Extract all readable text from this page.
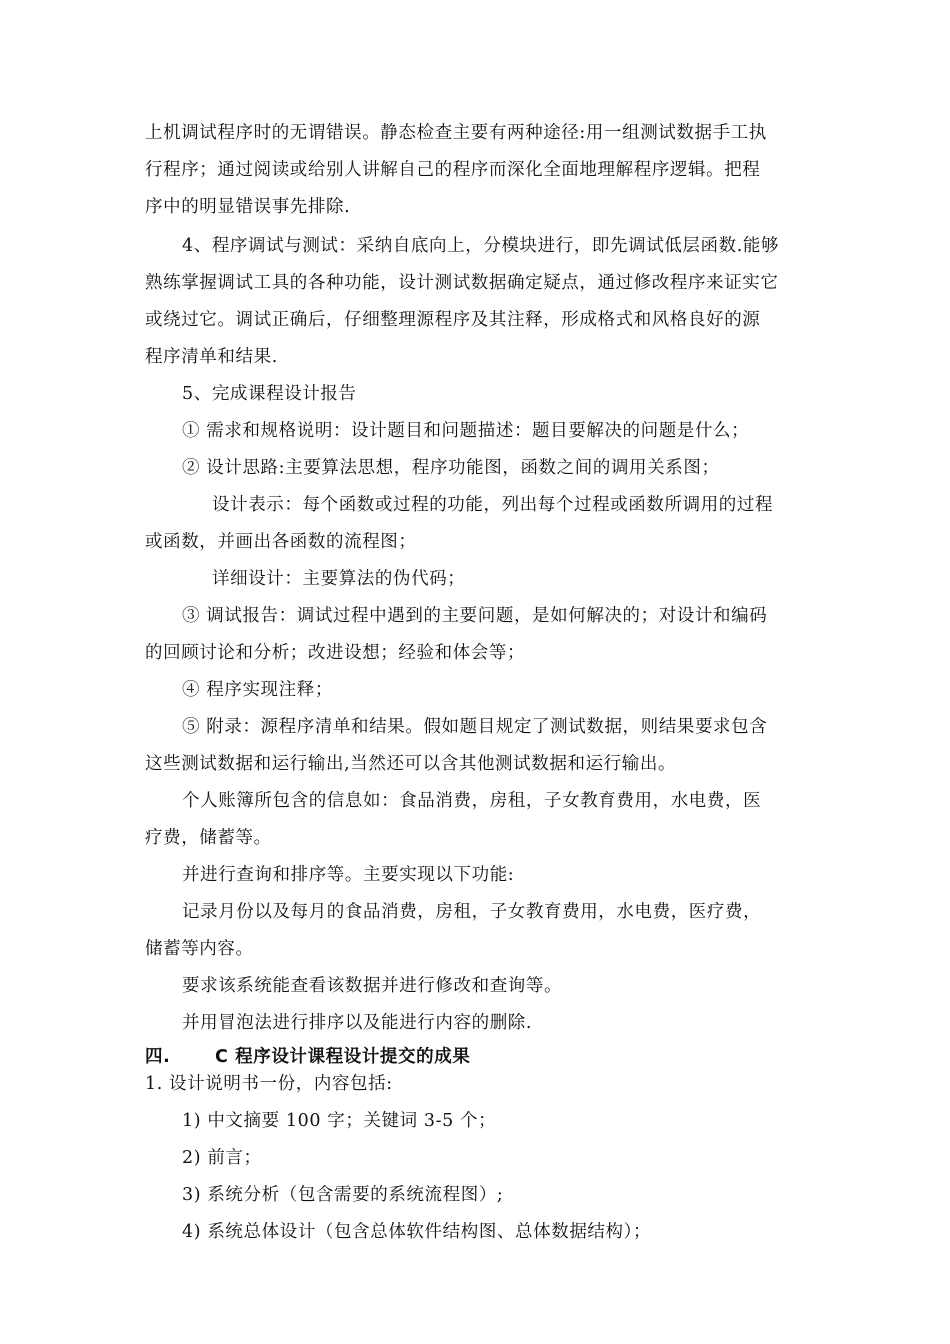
上机调试程序时的无谓错误。静态检查主要有两种途径:用一组测试数据手工执
行程序；通过阅读或给别人讲解自己的程序而深化全面地理解程序逻辑。把程
序中的明显错误事先排除.
4、程序调试与测试：采纳自底向上，分模块进行，即先调试低层函数.能够
熟练掌握调试工具的各种功能，设计测试数据确定疑点，通过修改程序来证实它
或绕过它。调试正确后，仔细整理源程序及其注释，形成格式和风格良好的源
程序清单和结果.
5、完成课程设计报告
① 需求和规格说明：设计题目和问题描述：题目要解决的问题是什么；
② 设计思路:主要算法思想，程序功能图，函数之间的调用关系图；
设计表示：每个函数或过程的功能，列出每个过程或函数所调用的过程
或函数，并画出各函数的流程图；
详细设计：主要算法的伪代码；
③ 调试报告：调试过程中遇到的主要问题，是如何解决的；对设计和编码
的回顾讨论和分析；改进设想；经验和体会等；
④ 程序实现注释；
⑤ 附录：源程序清单和结果。假如题目规定了测试数据，则结果要求包含
这些测试数据和运行输出,当然还可以含其他测试数据和运行输出。
个人账簿所包含的信息如：食品消费，房租，子女教育费用，水电费，医
疗费，储蓄等。
并进行查询和排序等。主要实现以下功能:
记录月份以及每月的食品消费，房租，子女教育费用，水电费，医疗费，
储蓄等内容。
要求该系统能查看该数据并进行修改和查询等。
并用冒泡法进行排序以及能进行内容的删除.
四.	C 程序设计课程设计提交的成果
1. 设计说明书一份，内容包括:
1) 中文摘要 100 字；关键词 3-5 个；
2) 前言；
3) 系统分析（包含需要的系统流程图）;
4) 系统总体设计（包含总体软件结构图、总体数据结构）；
